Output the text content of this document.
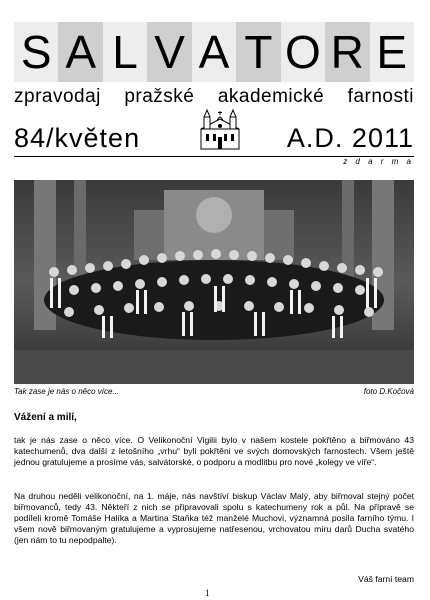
S A L V A T O R E
zpravodaj pražské akademické farnosti
84/květen	A.D. 2011
z d a r m a
Tak zase je nás o něco více...	foto D.Kočová
Vážení a milí,
tak je nás zase o něco více. O Velikonoční Vigilii bylo v našem kostele pokřtěno a biřmováno 43 katechumenů, dva další z letošního „vrhu“ byli pokřtěni ve svých domovských farnostech. Všem ještě jednou gratulujeme a prosíme vás, salvátorské, o podporu a modlitbu pro nové „kolegy ve víře“.
Na druhou neděli velikonoční, na 1. máje, nás navštíví biskup Václav Malý, aby biřmoval stejný počet biřmovanců, tedy 43. Někteří z nich se připravovali spolu s katechumeny rok a půl. Na přípravě se podíleli kromě Tomáše Halíka a Martina Staňka též manželé Muchovi, významná posila farního týmu. I všem nově biřmovaným gratulujeme a vyprosujeme natřesenou, vrchovatou míru darů Ducha svatého (jen nám to tu nepodpalte).
Váš farní team
1
